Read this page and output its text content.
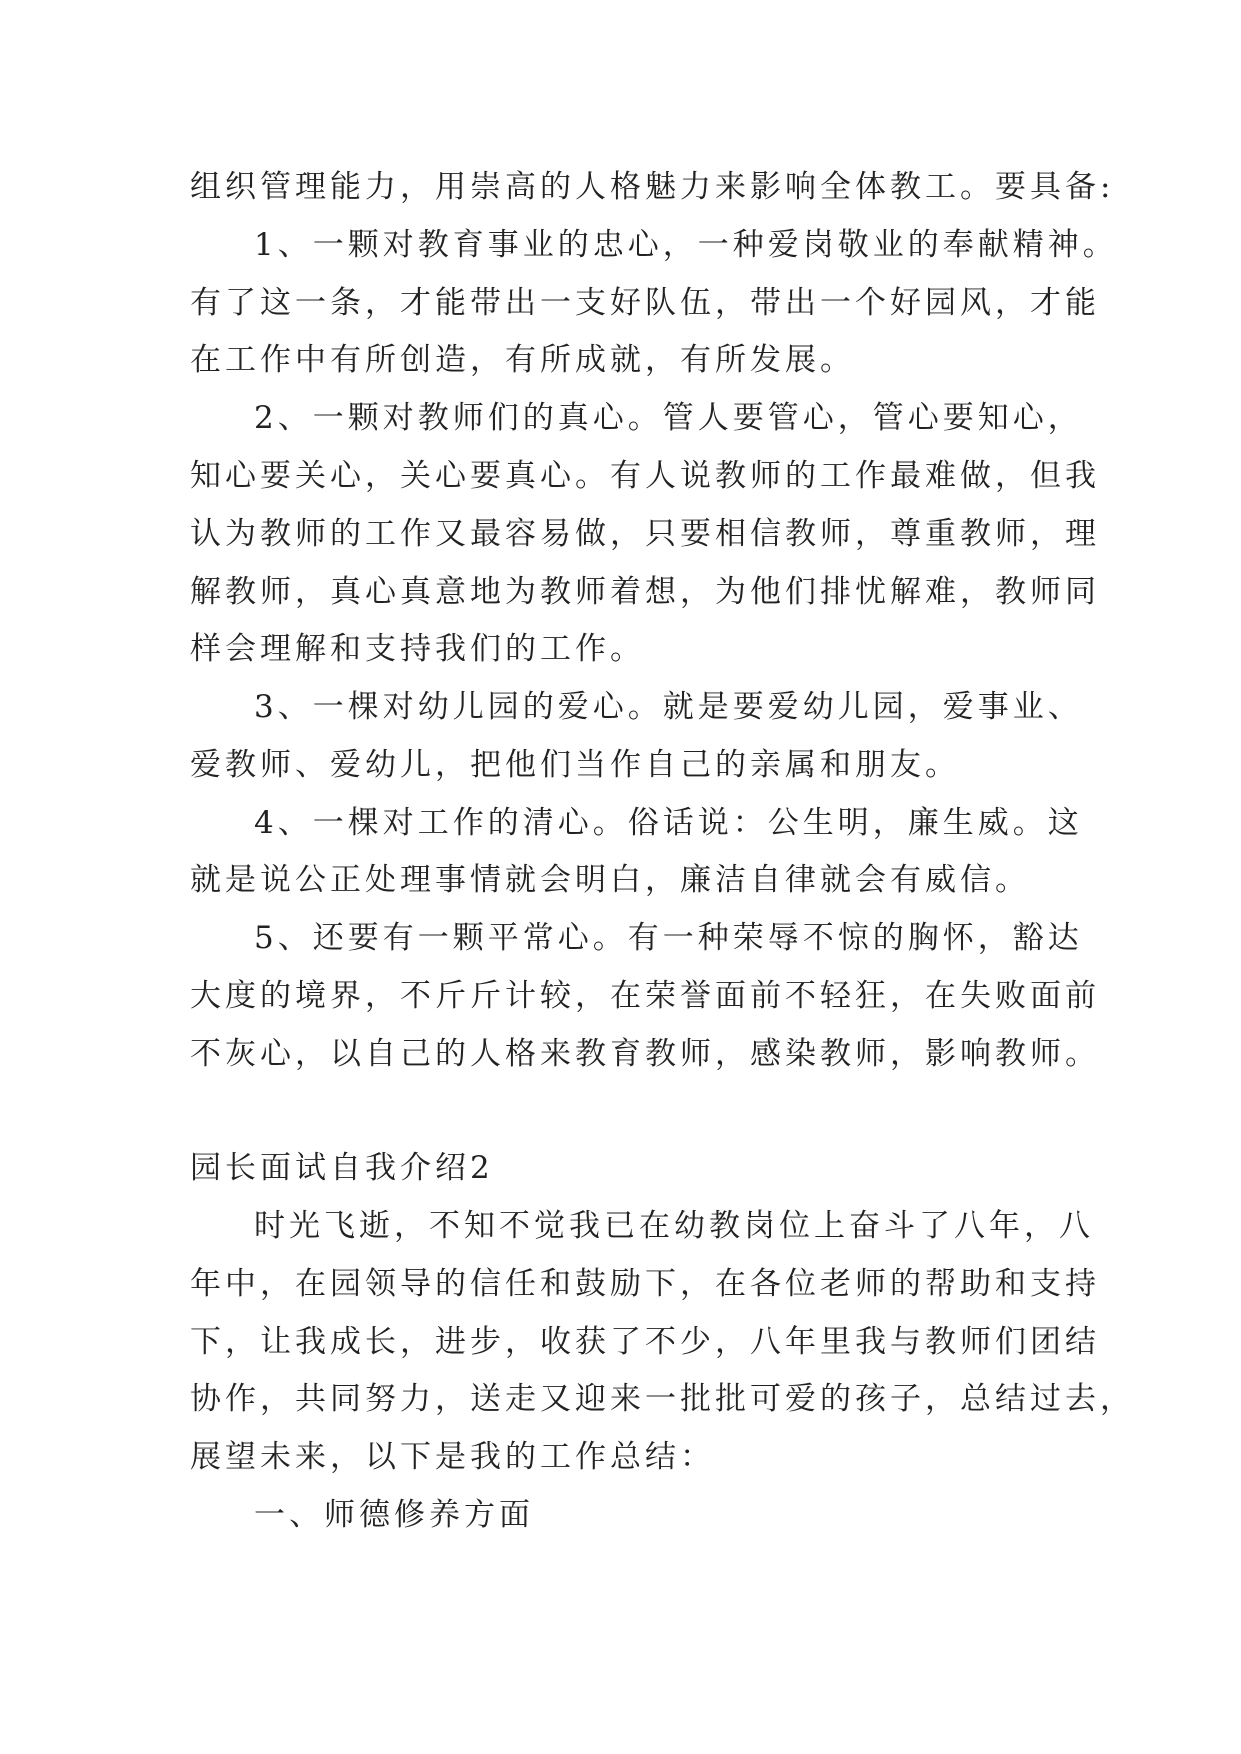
组织管理能力，用崇高的人格魅力来影响全体教工。要具备:
1、一颗对教育事业的忠心，一种爱岗敬业的奉献精神。
有了这一条，才能带出一支好队伍，带出一个好园风，才能
在工作中有所创造，有所成就，有所发展。
2、一颗对教师们的真心。管人要管心，管心要知心，
知心要关心，关心要真心。有人说教师的工作最难做，但我
认为教师的工作又最容易做，只要相信教师，尊重教师，理
解教师，真心真意地为教师着想，为他们排忧解难，教师同
样会理解和支持我们的工作。
3、一棵对幼儿园的爱心。就是要爱幼儿园，爱事业、
爱教师、爱幼儿，把他们当作自己的亲属和朋友。
4、一棵对工作的清心。俗话说：公生明，廉生威。这
就是说公正处理事情就会明白，廉洁自律就会有威信。
5、还要有一颗平常心。有一种荣辱不惊的胸怀，豁达
大度的境界，不斤斤计较，在荣誉面前不轻狂，在失败面前
不灰心，以自己的人格来教育教师，感染教师，影响教师。
园长面试自我介绍2
时光飞逝，不知不觉我已在幼教岗位上奋斗了八年，八
年中，在园领导的信任和鼓励下，在各位老师的帮助和支持
下，让我成长，进步，收获了不少，八年里我与教师们团结
协作，共同努力，送走又迎来一批批可爱的孩子，总结过去，
展望未来，以下是我的工作总结：
一、师德修养方面
